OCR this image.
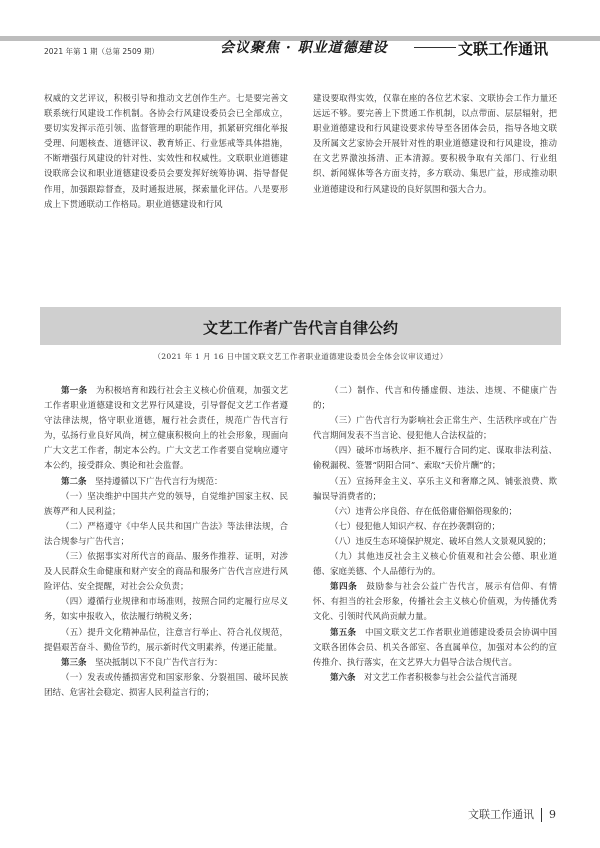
2021 年第 1 期（总第 2509 期）	会议聚焦 · 职业道德建设	文联工作通讯

权威的文艺评议，积极引导和推动文艺创作生产。七是要完善文联系统行风建设工作机制。各协会行风建设委员会已全部成立，要切实发挥示范引领、监督管理的职能作用，抓紧研究细化举报受理、问题核查、道德评议、教育矫正、行业惩戒等具体措施，不断增强行风建设的针对性、实效性和权威性。文联职业道德建设联席会议和职业道德建设委员会要发挥好统筹协调、指导督促作用，加强跟踪督查，及时通报进展，探索量化评估。八是要形成上下贯通联动工作格局。职业道德建设和行风

建设要取得实效，仅靠在座的各位艺术家、文联协会工作力量还远远不够。要完善上下贯通工作机制，以点带面、层层辐射，把职业道德建设和行风建设要求传导至各团体会员，指导各地文联及所属文艺家协会开展针对性的职业道德建设和行风建设，推动在文艺界激浊扬清、正本清源。要积极争取有关部门、行业组织、新闻媒体等各方面支持，多方联动、集思广益，形成推动职业道德建设和行风建设的良好氛围和强大合力。

文艺工作者广告代言自律公约
（2021 年 1 月 16 日中国文联文艺工作者职业道德建设委员会全体会议审议通过）

第一条　 为积极培育和践行社会主义核心价值观，加强文艺工作者职业道德建设和文艺界行风建设，引导督促文艺工作者遵守法律法规，恪守职业道德，履行社会责任，规范广告代言行为，弘扬行业良好风尚，树立健康积极向上的社会形象，现面向广大文艺工作者，制定本公约。广大文艺工作者要自觉响应遵守本公约，接受群众、舆论和社会监督。

第二条　 坚持遵循以下广告代言行为规范：

（一）坚决维护中国共产党的领导，自觉维护国家主权、民族尊严和人民利益；

（二）严格遵守《中华人民共和国广告法》等法律法规，合法合规参与广告代言；

（三）依据事实对所代言的商品、服务作推荐、证明，对涉及人民群众生命健康和财产安全的商品和服务广告代言应进行风险评估、安全提醒，对社会公众负责；

（四）遵循行业规律和市场准则，按照合同约定履行应尽义务，如实申报收入，依法履行纳税义务；

（五）提升文化精神品位，注意言行举止、符合礼仪规范，提倡艰苦奋斗、勤俭节约，展示新时代文明素养，传递正能量。

第三条　 坚决抵制以下不良广告代言行为：

（一）发表或传播损害党和国家形象、分裂祖国、破坏民族团结、危害社会稳定、损害人民利益言行的；

（二）制作、代言和传播虚假、违法、违规、不健康广告的；

（三）广告代言行为影响社会正常生产、生活秩序或在广告代言期间发表不当言论、侵犯他人合法权益的；

（四）破坏市场秩序、拒不履行合同约定、谋取非法利益、偷税漏税、签署“阴阳合同”、索取“天价片酬”的；

（五）宣扬拜金主义、享乐主义和奢靡之风、铺张浪费、欺骗误导消费者的；

（六）违背公序良俗、存在低俗庸俗媚俗现象的；

（七）侵犯他人知识产权、存在抄袭剽窃的；

（八）违反生态环境保护规定、破坏自然人文景观风貌的；

（九）其他违反社会主义核心价值观和社会公德、职业道德、家庭美德、个人品德行为的。

第四条　 鼓励参与社会公益广告代言，展示有信仰、有情怀、有担当的社会形象，传播社会主义核心价值观，为传播优秀文化、引领时代风尚贡献力量。

第五条　 中国文联文艺工作者职业道德建设委员会协调中国文联各团体会员、机关各部室、各直属单位，加强对本公约的宣传推介、执行落实，在文艺界大力倡导合法合规代言。

第六条　 对文艺工作者积极参与社会公益代言涌现

文联工作通讯 9
